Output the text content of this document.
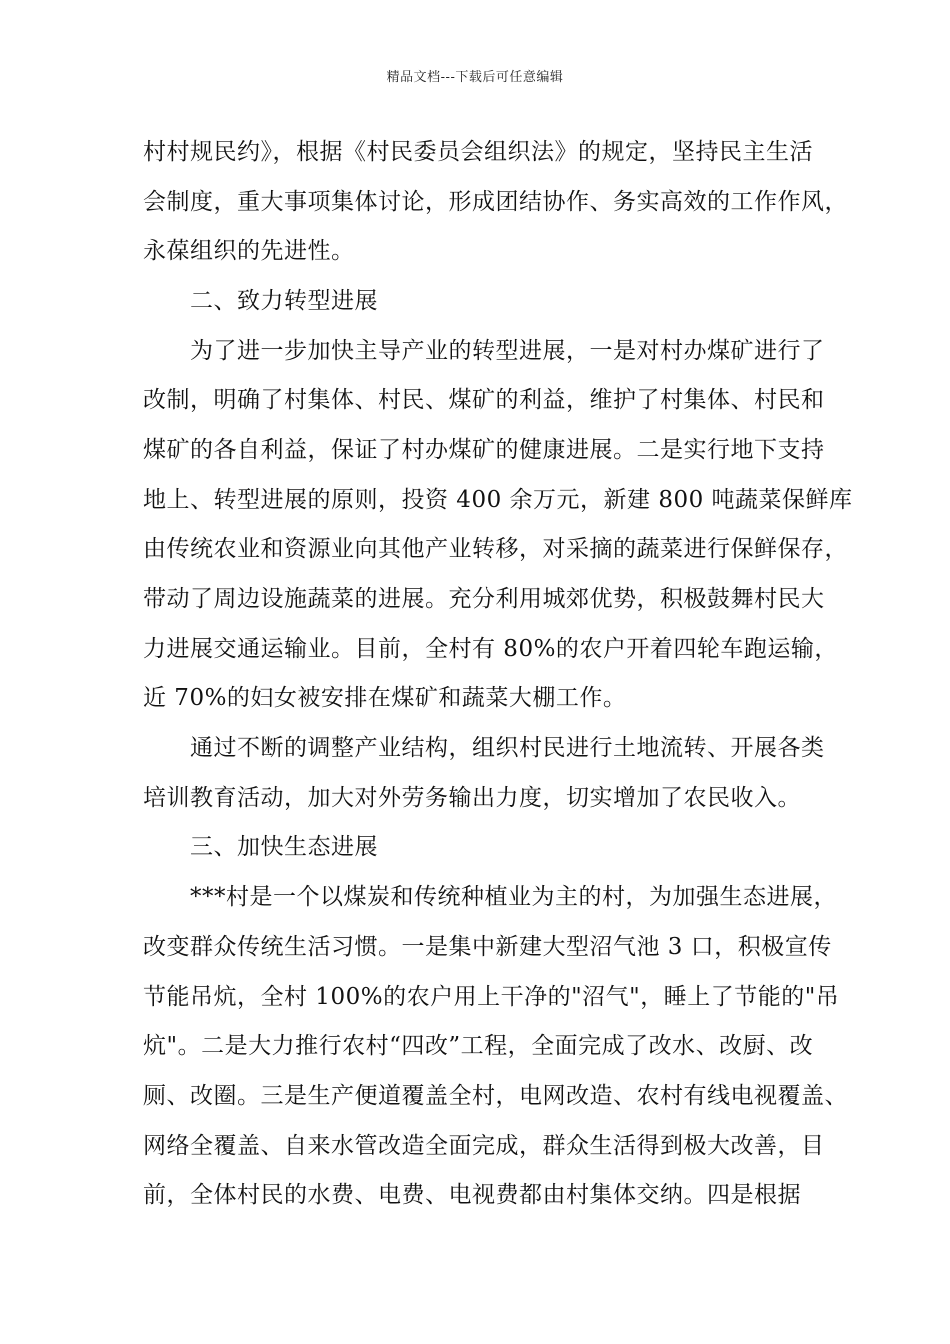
精品文档---下载后可任意编辑
村村规民约》，根据《村民委员会组织法》的规定，坚持民主生活
会制度，重大事项集体讨论，形成团结协作、务实高效的工作作风，
永葆组织的先进性。
二、致力转型进展
为了进一步加快主导产业的转型进展，一是对村办煤矿进行了
改制，明确了村集体、村民、煤矿的利益，维护了村集体、村民和
煤矿的各自利益，保证了村办煤矿的健康进展。二是实行地下支持
地上、转型进展的原则，投资 400 余万元，新建 800 吨蔬菜保鲜库
由传统农业和资源业向其他产业转移，对采摘的蔬菜进行保鲜保存，
带动了周边设施蔬菜的进展。充分利用城郊优势，积极鼓舞村民大
力进展交通运输业。目前，全村有 80%的农户开着四轮车跑运输，
近 70%的妇女被安排在煤矿和蔬菜大棚工作。
通过不断的调整产业结构，组织村民进行土地流转、开展各类
培训教育活动，加大对外劳务输出力度，切实增加了农民收入。
三、加快生态进展
***村是一个以煤炭和传统种植业为主的村，为加强生态进展，
改变群众传统生活习惯。一是集中新建大型沼气池 3 口，积极宣传
节能吊炕，全村 100%的农户用上干净的"沼气"，睡上了节能的"吊
炕"。二是大力推行农村“四改”工程，全面完成了改水、改厨、改
厕、改圈。三是生产便道覆盖全村，电网改造、农村有线电视覆盖、
网络全覆盖、自来水管改造全面完成，群众生活得到极大改善，目
前，全体村民的水费、电费、电视费都由村集体交纳。四是根据
